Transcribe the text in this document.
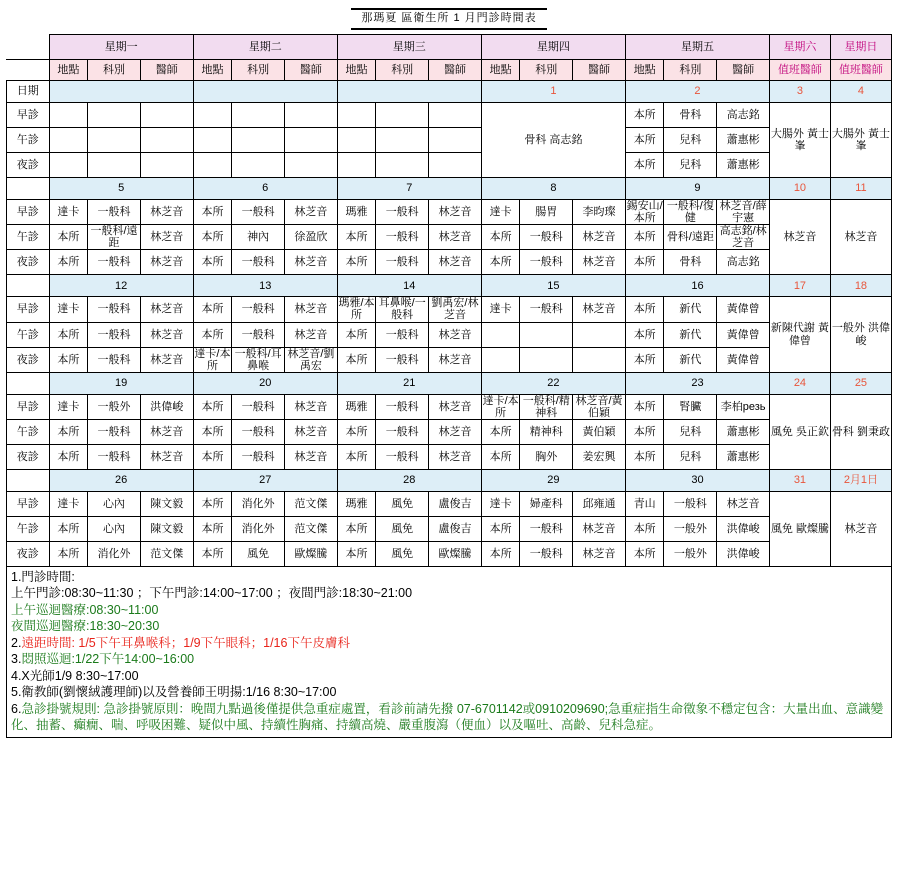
那瑪夏 區衛生所 1 月門診時間表																	
	星期一			星期二			星期三			星期四			星期五			星期六	星期日
	地點	科別	醫師	地點	科別	醫師	地點	科別	醫師	地點	科別	醫師	地點	科別	醫師	值班醫師	值班醫師
日期										1			2			3	4
早診										骨科 高志銘			本所	骨科	高志銘	大腸外 黃士峯	大腸外 黃士峯
午診													本所	兒科	蕭惠彬		
夜診													本所	兒科	蕭惠彬		
	5			6			7			8			9			10	11
早診	達卡	一般科	林芝音	本所	一般科	林芝音	瑪雅	一般科	林芝音	達卡	腸胃	李昀璨	錫安山/本所	一般科/復健	林芝音/薛宇憲	林芝音	林芝音
午診	本所	一般科/遠距	林芝音	本所	神內	徐盈欣	本所	一般科	林芝音	本所	一般科	林芝音	本所	骨科/遠距	高志銘/林芝音		
夜診	本所	一般科	林芝音	本所	一般科	林芝音	本所	一般科	林芝音	本所	一般科	林芝音	本所	骨科	高志銘		
	12			13			14			15			16			17	18
早診	達卡	一般科	林芝音	本所	一般科	林芝音	瑪雅/本所	耳鼻喉/一般科	劉禹宏/林芝音	達卡	一般科	林芝音	本所	新代	黃偉曾	新陳代謝 黃偉曾	一般外 洪偉峻
午診	本所	一般科	林芝音	本所	一般科	林芝音	本所	一般科	林芝音				本所	新代	黃偉曾		
夜診	本所	一般科	林芝音	達卡/本所	一般科/耳鼻喉	林芝音/劉禹宏	本所	一般科	林芝音				本所	新代	黃偉曾		
	19			20			21			22			23			24	25
早診	達卡	一般外	洪偉峻	本所	一般科	林芝音	瑪雅	一般科	林芝音	達卡/本所	一般科/精神科	林芝音/黃伯穎	本所	腎臟	李柏резь	風免 吳正欽	骨科 劉秉政
午診	本所	一般科	林芝音	本所	一般科	林芝音	本所	一般科	林芝音	本所	精神科	黃伯穎	本所	兒科	蕭惠彬		
夜診	本所	一般科	林芝音	本所	一般科	林芝音	本所	一般科	林芝音	本所	胸外	姜宏興	本所	兒科	蕭惠彬		
	26			27			28			29			30			31	2月1日
早診	達卡	心內	陳文毅	本所	消化外	范文傑	瑪雅	風免	盧俊吉	達卡	婦產科	邱雍通	青山	一般科	林芝音	風免 歐燦騰	林芝音
午診	本所	心內	陳文毅	本所	消化外	范文傑	本所	風免	盧俊吉	本所	一般科	林芝音	本所	一般外	洪偉峻		
夜診	本所	消化外	范文傑	本所	風免	歐燦騰	本所	風免	歐燦騰	本所	一般科	林芝音	本所	一般外	洪偉峻		
1.門診時間:
上午門診:08:30~11:30 ；下午門診:14:00~17:00 ；夜間門診:18:30~21:00
上午巡迴醫療:08:30~11:00
夜間巡迴醫療:18:30~20:30
2.遠距時間: 1/5下午耳鼻喉科；1/9下午眼科；1/16下午皮膚科
3.悶照巡迴:1/22下午14:00~16:00
4.X光師1/9 8:30~17:00
5.衛教師(劉懷絨護理師)以及營養師王明揚:1/16 8:30~17:00
6.急診掛號規則: 急診掛號原則：晚間九點過後僅提供急重症處置，看診前請先撥 07-6701142或0910209690;急重症指生命徵象不穩定包含：大量出血、意識變化、抽蓄、癲癇、喘、呼吸困難、疑似中風、持續性胸痛、持續高燒、嚴重腹瀉（便血）以及嘔吐、高齡、兒科急症。
